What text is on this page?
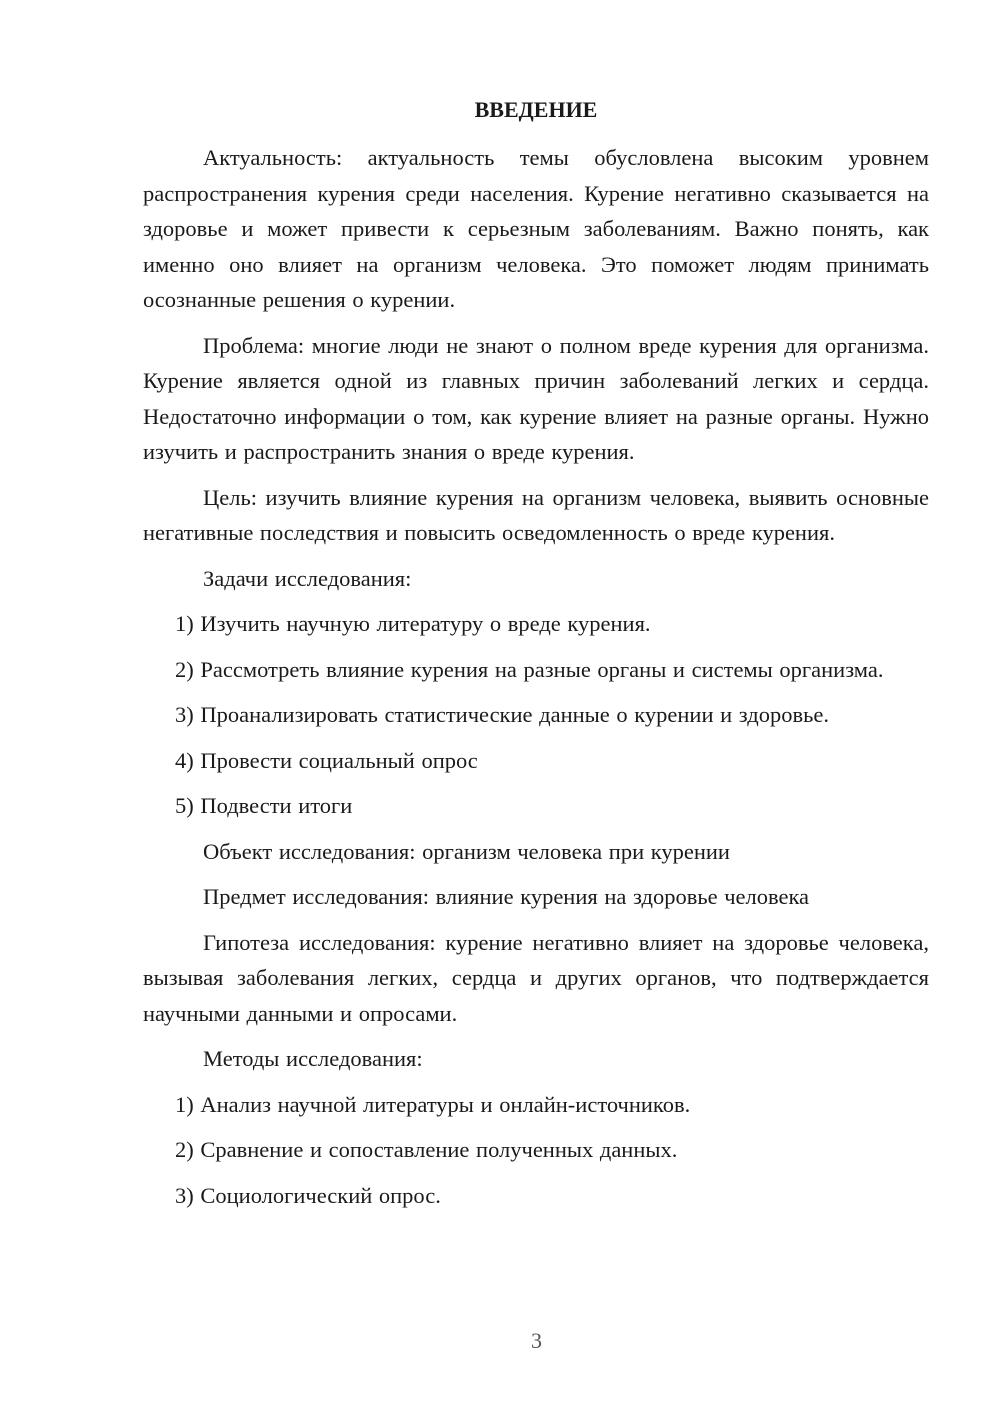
ВВЕДЕНИЕ

Актуальность: актуальность темы обусловлена высоким уровнем распространения курения среди населения. Курение негативно сказывается на здоровье и может привести к серьезным заболеваниям. Важно понять, как именно оно влияет на организм человека. Это поможет людям принимать осознанные решения о курении.

Проблема: многие люди не знают о полном вреде курения для организма. Курение является одной из главных причин заболеваний легких и сердца. Недостаточно информации о том, как курение влияет на разные органы. Нужно изучить и распространить знания о вреде курения.

Цель: изучить влияние курения на организм человека, выявить основные негативные последствия и повысить осведомленность о вреде курения.

Задачи исследования:

1) Изучить научную литературу о вреде курения.

2) Рассмотреть влияние курения на разные органы и системы организма.

3) Проанализировать статистические данные о курении и здоровье.

4) Провести социальный опрос

5) Подвести итоги

Объект исследования: организм человека при курении

Предмет исследования: влияние курения на здоровье человека

Гипотеза исследования: курение негативно влияет на здоровье человека, вызывая заболевания легких, сердца и других органов, что подтверждается научными данными и опросами.

Методы исследования:

1) Анализ научной литературы и онлайн-источников.

2) Сравнение и сопоставление полученных данных.

3) Социологический опрос.

3
